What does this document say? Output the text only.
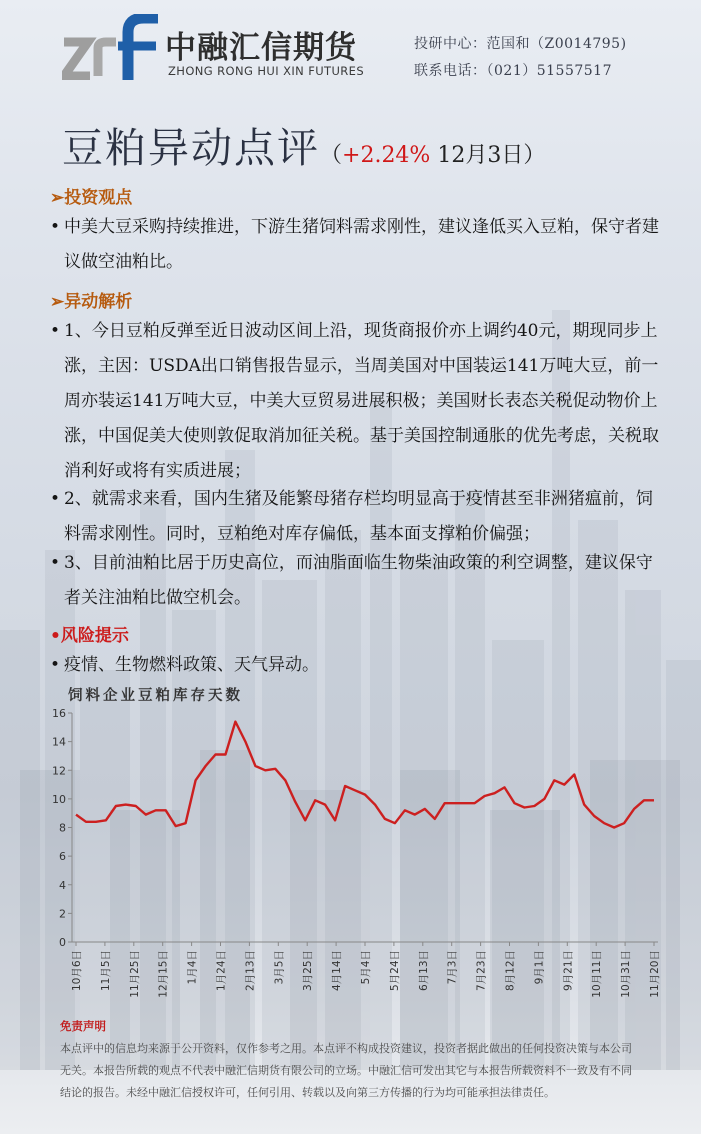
中融汇信期货
ZHONG RONG HUI XIN FUTURES
投研中心：范国和（Z0014795)
联系电话：（021）51557517
豆粕异动点评（+2.24% 12月3日）
➢投资观点
• 中美大豆采购持续推进，下游生猪饲料需求刚性，建议逢低买入豆粕，保守者建议做空油粕比。
➢异动解析
• 1、今日豆粕反弹至近日波动区间上沿，现货商报价亦上调约40元，期现同步上涨，主因：USDA出口销售报告显示，当周美国对中国装运141万吨大豆，前一周亦装运141万吨大豆，中美大豆贸易进展积极；美国财长表态关税促动物价上涨，中国促美大使则敦促取消加征关税。基于美国控制通胀的优先考虑，关税取消利好或将有实质进展；
• 2、就需求来看，国内生猪及能繁母猪存栏均明显高于疫情甚至非洲猪瘟前，饲料需求刚性。同时，豆粕绝对库存偏低，基本面支撑粕价偏强；
• 3、目前油粕比居于历史高位，而油脂面临生物柴油政策的利空调整，建议保守者关注油粕比做空机会。
•风险提示
• 疫情、生物燃料政策、天气异动。
饲料企业豆粕库存天数
0
2
4
6
8
10
12
14
16
10月6日 11月5日 11月25日 12月15日 1月4日 1月24日 2月13日 3月5日 3月25日 4月14日 5月4日 5月24日 6月13日 7月3日 7月23日 8月12日 9月1日 9月21日 10月11日 10月31日 11月20日
免责声明
本点评中的信息均来源于公开资料，仅作参考之用。本点评不构成投资建议，投资者据此做出的任何投资决策与本公司无关。本报告所载的观点不代表中融汇信期货有限公司的立场。中融汇信可发出其它与本报告所载资料不一致及有不同结论的报告。未经中融汇信授权许可，任何引用、转载以及向第三方传播的行为均可能承担法律责任。
